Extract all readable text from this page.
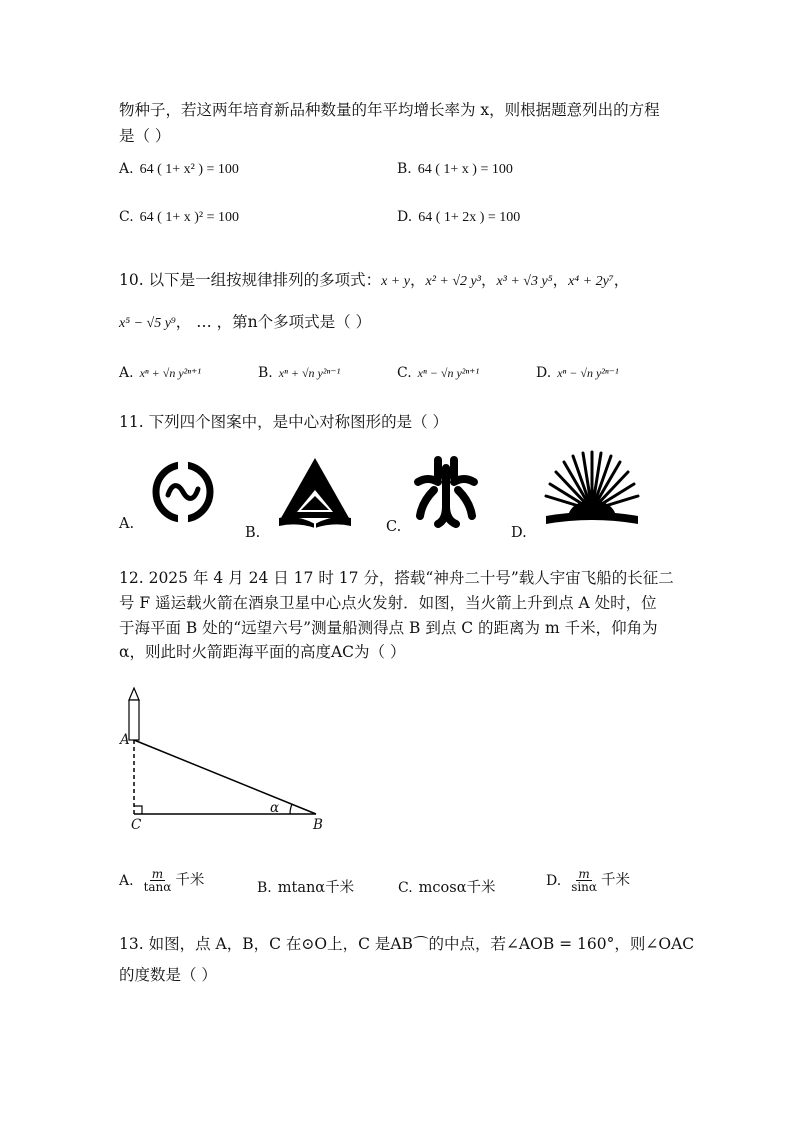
物种子，若这两年培育新品种数量的年平均增长率为 x，则根据题意列出的方程
是（ ）
A. 64 ( 1+ x² ) = 100	B. 64 ( 1+ x ) = 100
C. 64 ( 1+ x )² = 100	D. 64 ( 1+ 2x ) = 100
10. 以下是一组按规律排列的多项式：x + y，x² + √2 y³，x³ + √3 y⁵，x⁴ + 2y⁷，
x⁵ − √5 y⁹， … ，第n个多项式是（ ）
A. xⁿ + √n y²ⁿ⁺¹	B. xⁿ + √n y²ⁿ⁻¹	C. xⁿ − √n y²ⁿ⁺¹	D. xⁿ − √n y²ⁿ⁻¹
11. 下列四个图案中，是中心对称图形的是（ ）
A.
B.	C.	D.
12. 2025 年 4 月 24 日 17 时 17 分，搭载“神舟二十号”载人宇宙飞船的长征二
号 F 遥运载火箭在酒泉卫星中心点火发射．如图，当火箭上升到点 A 处时，位
于海平面 B 处的“远望六号”测量船测得点 B 到点 C 的距离为 m 千米，仰角为
α，则此时火箭距海平面的高度AC为（ ）
A
C	B
α
A. $\frac{m}{\tan\alpha}$ 千米	B. mtanα千米	C. mcosα千米	D. $\frac{m}{\sin\alpha}$ 千米
13. 如图，点 A，B，C 在⊙O上，C 是AB⌒的中点，若∠AOB = 160°，则∠OAC
的度数是（ ）
